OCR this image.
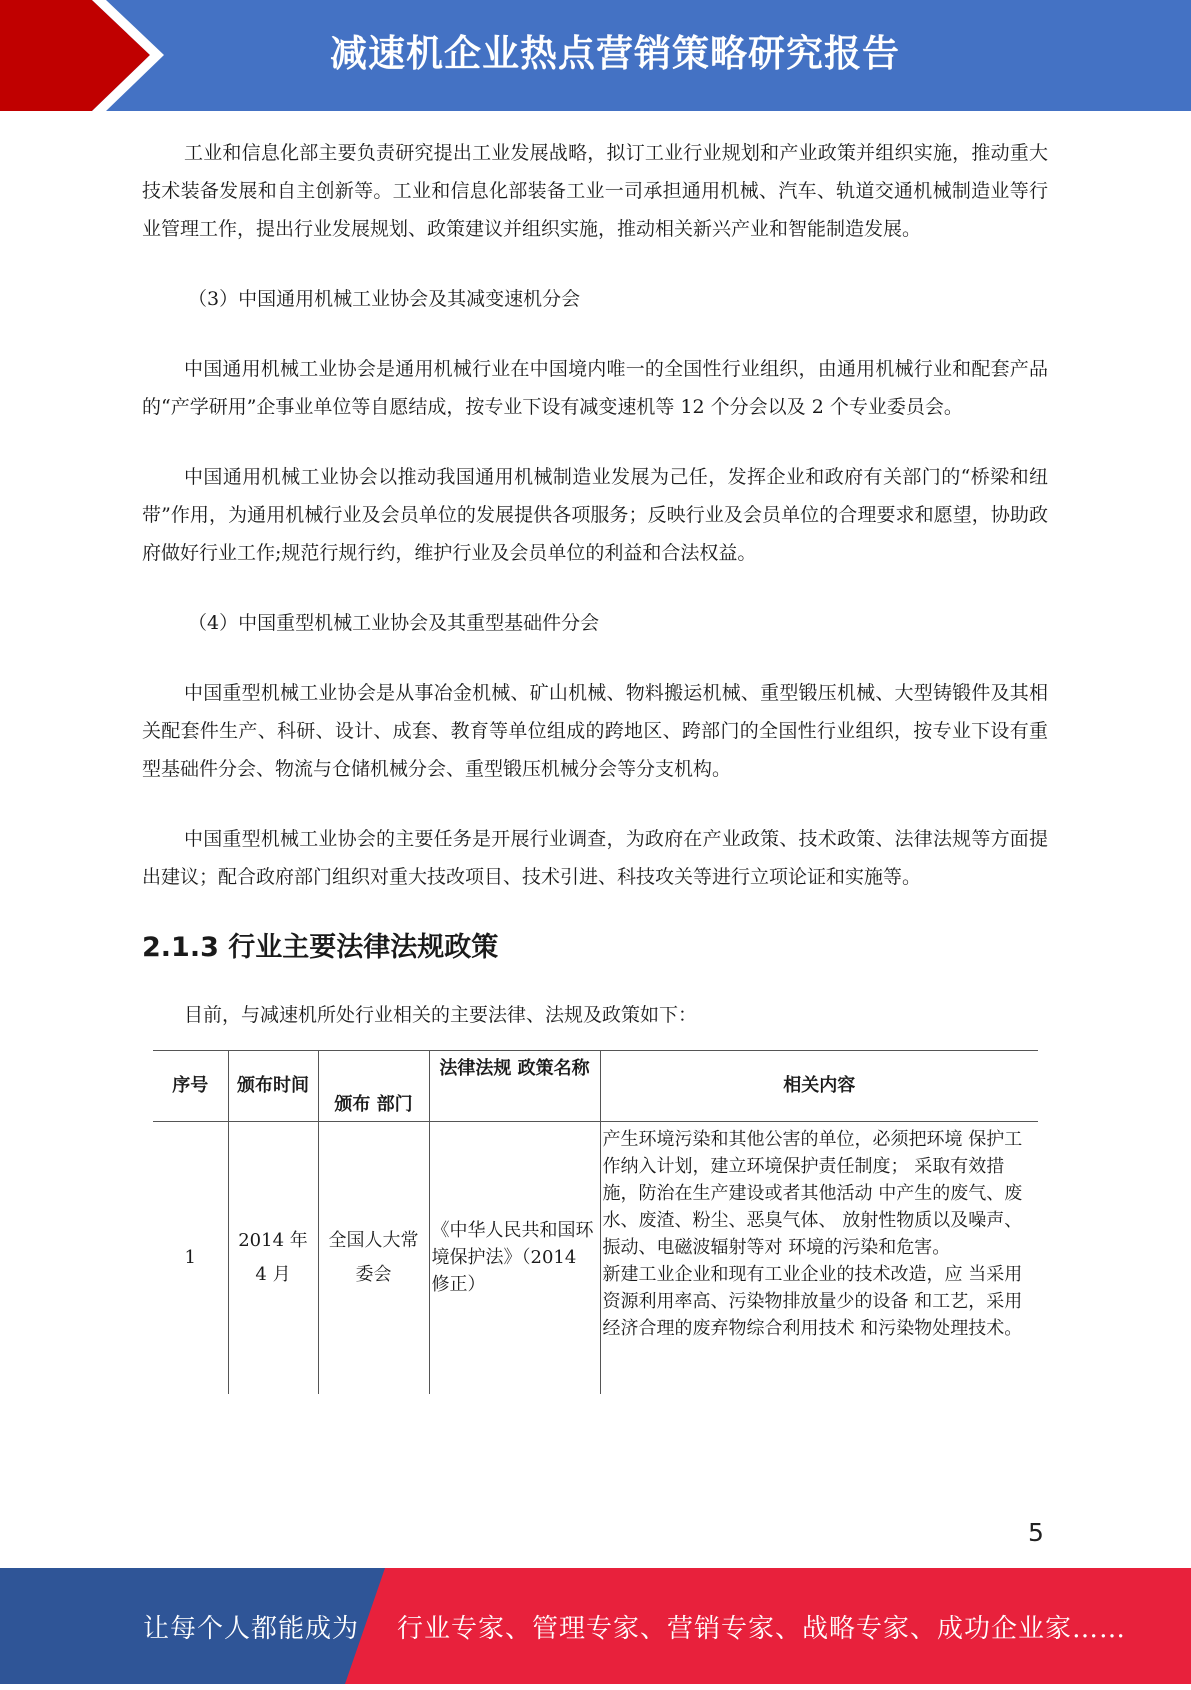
减速机企业热点营销策略研究报告

工业和信息化部主要负责研究提出工业发展战略，拟订工业行业规划和产业政策并组织实施，推动重大技术装备发展和自主创新等。工业和信息化部装备工业一司承担通用机械、汽车、轨道交通机械制造业等行业管理工作，提出行业发展规划、政策建议并组织实施，推动相关新兴产业和智能制造发展。

（3）中国通用机械工业协会及其减变速机分会

中国通用机械工业协会是通用机械行业在中国境内唯一的全国性行业组织，由通用机械行业和配套产品的“产学研用”企事业单位等自愿结成，按专业下设有减变速机等 12 个分会以及 2 个专业委员会。

中国通用机械工业协会以推动我国通用机械制造业发展为己任，发挥企业和政府有关部门的“桥梁和纽带”作用，为通用机械行业及会员单位的发展提供各项服务；反映行业及会员单位的合理要求和愿望，协助政府做好行业工作;规范行规行约，维护行业及会员单位的利益和合法权益。

（4）中国重型机械工业协会及其重型基础件分会

中国重型机械工业协会是从事冶金机械、矿山机械、物料搬运机械、重型锻压机械、大型铸锻件及其相关配套件生产、科研、设计、成套、教育等单位组成的跨地区、跨部门的全国性行业组织，按专业下设有重型基础件分会、物流与仓储机械分会、重型锻压机械分会等分支机构。

中国重型机械工业协会的主要任务是开展行业调查，为政府在产业政策、技术政策、法律法规等方面提出建议；配合政府部门组织对重大技改项目、技术引进、科技攻关等进行立项论证和实施等。

2.1.3 行业主要法律法规政策

目前，与减速机所处行业相关的主要法律、法规及政策如下：

序号	颁布时间	颁布 部门	法律法规 政策名称	相关内容
1	2014 年 4 月	全国人大常委会	《中华人民共和国环境保护法》（2014 修正）	产生环境污染和其他公害的单位，必须把环境 保护工作纳入计划，建立环境保护责任制度； 采取有效措施，防治在生产建设或者其他活动 中产生的废气、废水、废渣、粉尘、恶臭气体、 放射性物质以及噪声、振动、电磁波辐射等对 环境的污染和危害。
新建工业企业和现有工业企业的技术改造，应 当采用资源利用率高、污染物排放量少的设备 和工艺，采用经济合理的废弃物综合利用技术 和污染物处理技术。
5
让每个人都能成为 行业专家、管理专家、营销专家、战略专家、成功企业家……
